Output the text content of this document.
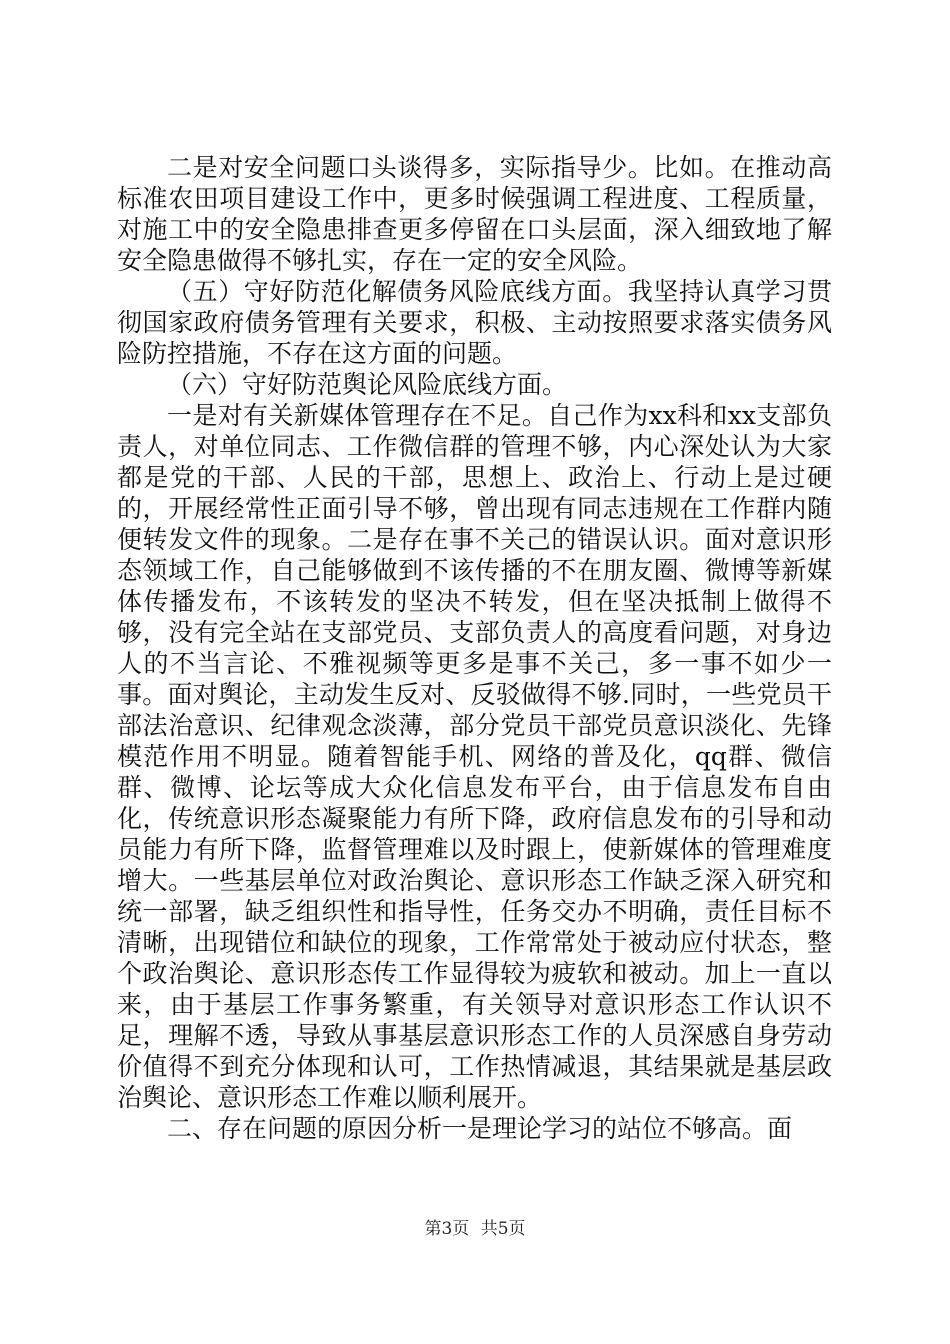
二是对安全问题口头谈得多，实际指导少。比如。在推动高标准农田项目建设工作中，更多时候强调工程进度、工程质量，对施工中的安全隐患排查更多停留在口头层面，深入细致地了解安全隐患做得不够扎实，存在一定的安全风险。

（五）守好防范化解债务风险底线方面。我坚持认真学习贯彻国家政府债务管理有关要求，积极、主动按照要求落实债务风险防控措施，不存在这方面的问题。

（六）守好防范舆论风险底线方面。

一是对有关新媒体管理存在不足。自己作为xx科和xx支部负责人，对单位同志、工作微信群的管理不够，内心深处认为大家都是党的干部、人民的干部，思想上、政治上、行动上是过硬的，开展经常性正面引导不够，曾出现有同志违规在工作群内随便转发文件的现象。二是存在事不关己的错误认识。面对意识形态领域工作，自己能够做到不该传播的不在朋友圈、微博等新媒体传播发布，不该转发的坚决不转发，但在坚决抵制上做得不够，没有完全站在支部党员、支部负责人的高度看问题，对身边人的不当言论、不雅视频等更多是事不关己，多一事不如少一事。面对舆论，主动发生反对、反驳做得不够.同时，一些党员干部法治意识、纪律观念淡薄，部分党员干部党员意识淡化、先锋模范作用不明显。随着智能手机、网络的普及化，qq群、微信群、微博、论坛等成大众化信息发布平台，由于信息发布自由化，传统意识形态凝聚能力有所下降，政府信息发布的引导和动员能力有所下降，监督管理难以及时跟上，使新媒体的管理难度增大。一些基层单位对政治舆论、意识形态工作缺乏深入研究和统一部署，缺乏组织性和指导性，任务交办不明确，责任目标不清晰，出现错位和缺位的现象，工作常常处于被动应付状态，整个政治舆论、意识形态传工作显得较为疲软和被动。加上一直以来，由于基层工作事务繁重，有关领导对意识形态工作认识不足，理解不透，导致从事基层意识形态工作的人员深感自身劳动价值得不到充分体现和认可，工作热情减退，其结果就是基层政治舆论、意识形态工作难以顺利展开。

二、存在问题的原因分析一是理论学习的站位不够高。面

第3页 共5页
